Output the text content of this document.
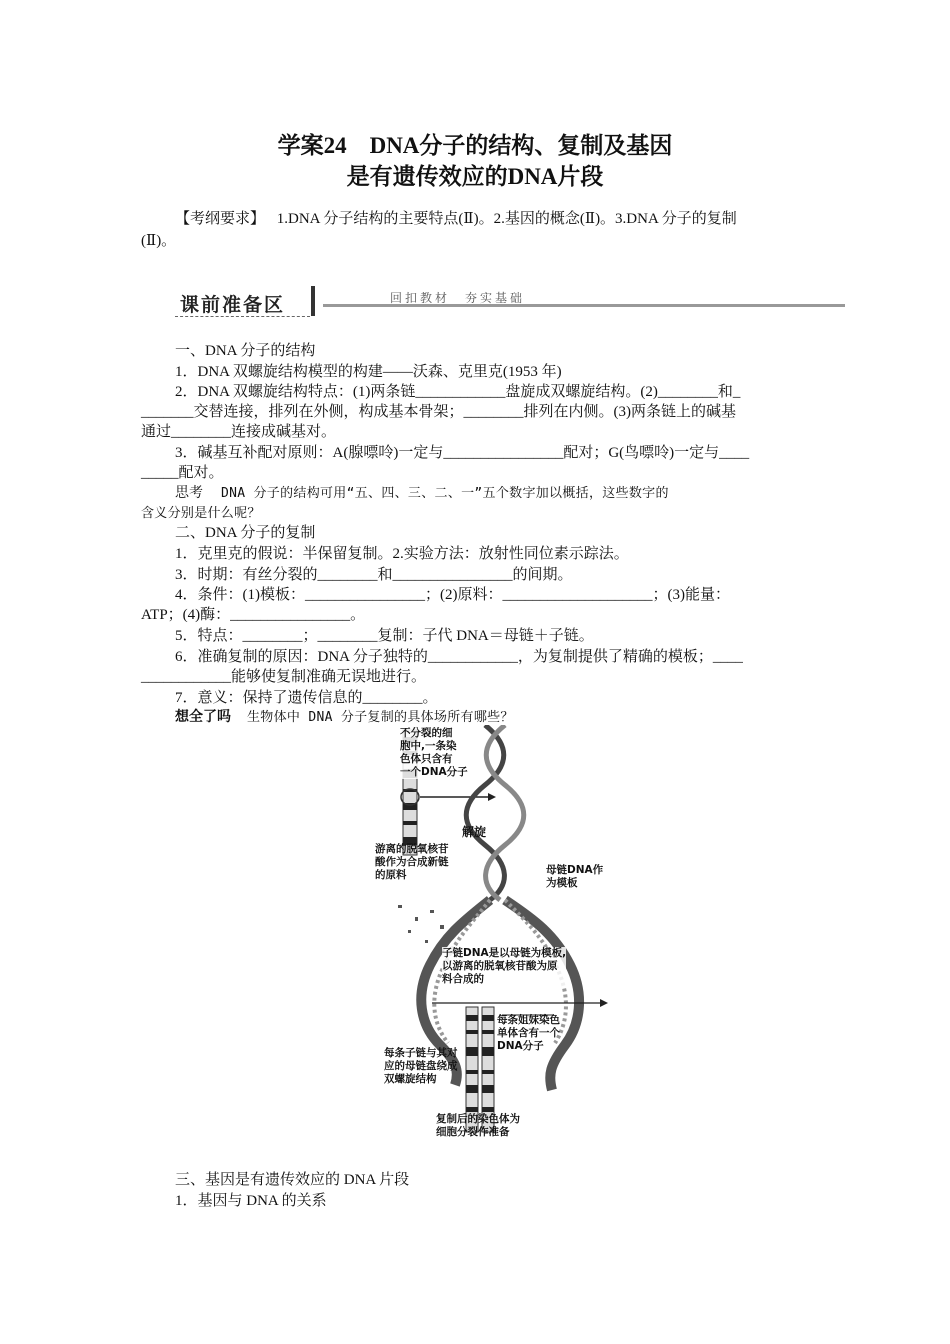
学案24　DNA分子的结构、复制及基因
是有遗传效应的DNA片段
【考纲要求】 1.DNA 分子结构的主要特点(Ⅱ)。2.基因的概念(Ⅱ)。3.DNA 分子的复制
(Ⅱ)。
课前准备区	回扣教材　夯实基础
一、DNA 分子的结构
1．DNA 双螺旋结构模型的构建——沃森、克里克(1953 年)
2．DNA 双螺旋结构特点：(1)两条链____________盘旋成双螺旋结构。(2)________和_
_______交替连接，排列在外侧，构成基本骨架；________排列在内侧。(3)两条链上的碱基
通过________连接成碱基对。
3．碱基互补配对原则：A(腺嘌呤)一定与________________配对；G(鸟嘌呤)一定与____
_____配对。
思考 DNA 分子的结构可用“五、四、三、二、一”五个数字加以概括，这些数字的
含义分别是什么呢？
二、DNA 分子的复制
1．克里克的假说：半保留复制。2.实验方法：放射性同位素示踪法。
3．时期：有丝分裂的________和________________的间期。
4．条件：(1)模板：________________；(2)原料：____________________；(3)能量：
ATP；(4)酶：________________。
5．特点：________；________复制：子代 DNA＝母链＋子链。
6．准确复制的原因：DNA 分子独特的____________，为复制提供了精确的模板；____
____________能够使复制准确无误地进行。
7．意义：保持了遗传信息的________。
想全了吗 生物体中 DNA 分子复制的具体场所有哪些？
不分裂的细
胞中,一条染
色体只含有
一个DNA分子
解旋
游离的脱氧核苷
酸作为合成新链
的原料	母链DNA作
为模板
子链DNA是以母链为模板,
以游离的脱氧核苷酸为原
料合成的
每条姐妹染色
单体含有一个
DNA分子
每条子链与其对
应的母链盘绕成
双螺旋结构
复制后的染色体为
细胞分裂作准备
三、基因是有遗传效应的 DNA 片段
1．基因与 DNA 的关系
